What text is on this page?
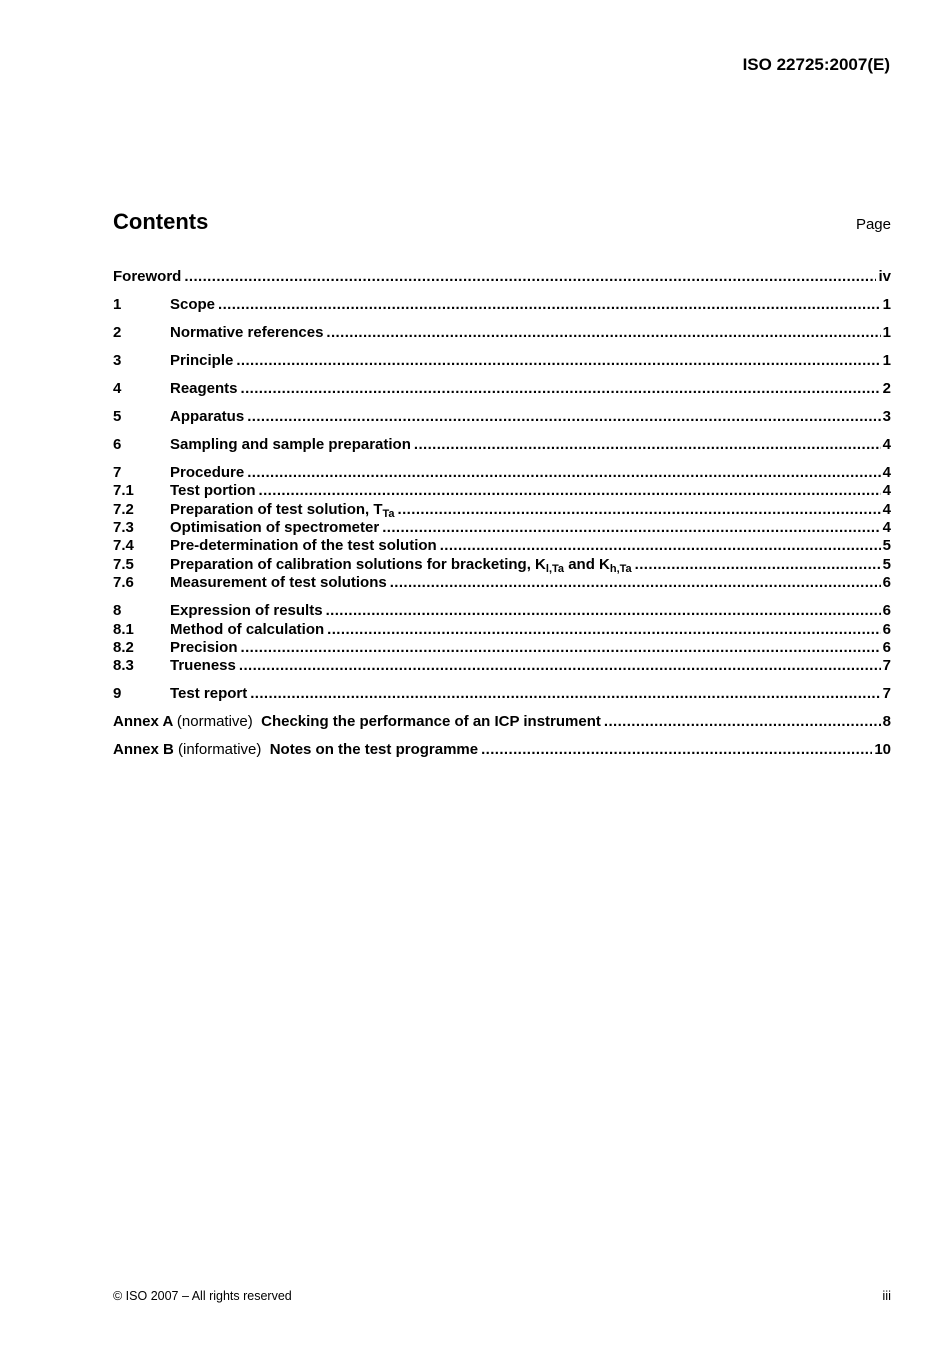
ISO 22725:2007(E)
Contents	Page
Foreword .....	iv
1	Scope .....	1
2	Normative references .....	1
3	Principle .....	1
4	Reagents .....	2
5	Apparatus .....	3
6	Sampling and sample preparation .....	4
7	Procedure .....	4
7.1	Test portion .....	4
7.2	Preparation of test solution, $T_{Ta}$ .....	4
7.3	Optimisation of spectrometer .....	4
7.4	Pre-determination of the test solution .....	5
7.5	Preparation of calibration solutions for bracketing, $K_{l,Ta}$ and $K_{h,Ta}$ .....	5
7.6	Measurement of test solutions .....	6
8	Expression of results .....	6
8.1	Method of calculation .....	6
8.2	Precision .....	6
8.3	Trueness .....	7
9	Test report .....	7
Annex A (normative) Checking the performance of an ICP instrument .....	8
Annex B (informative) Notes on the test programme .....	10
© ISO 2007 – All rights reserved	iii
